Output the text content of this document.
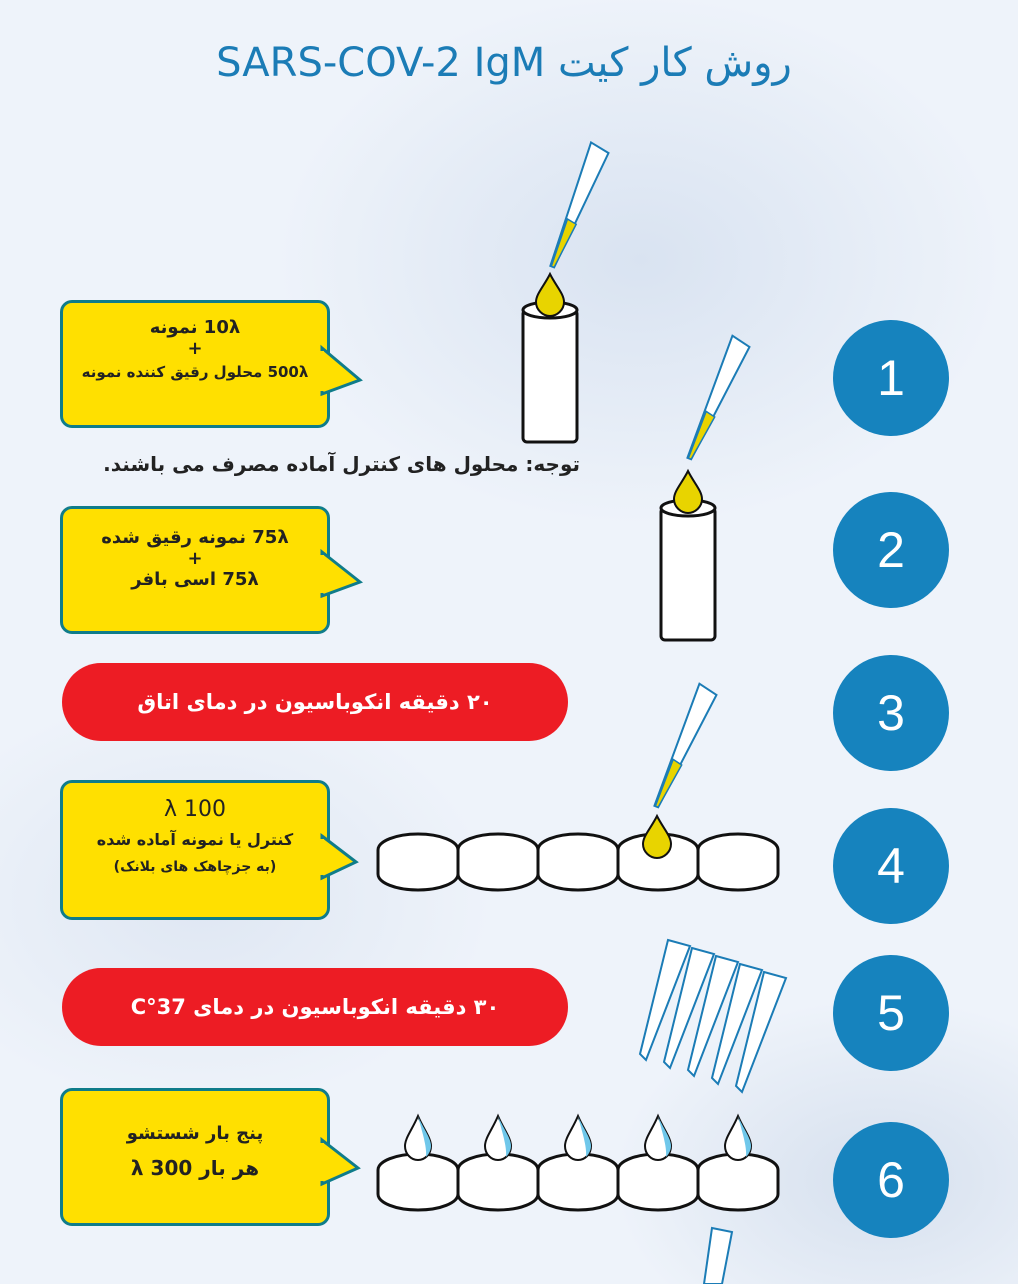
روش کار کیت SARS-COV-2 IgM
1
2
3
4
5
6
10λ نمونه
+
500λ محلول رقیق کننده نمونه
توجه: محلول های کنترل آماده مصرف می باشند.
75λ نمونه رقیق شده
+
75λ اسی بافر
۲۰ دقیقه انکوباسیون در دمای اتاق
100 λ
کنترل یا نمونه آماده شده
(به جزچاهک های بلانک)
۳۰ دقیقه انکوباسیون در دمای 37°C
پنج بار شستشو
هر بار λ 300
